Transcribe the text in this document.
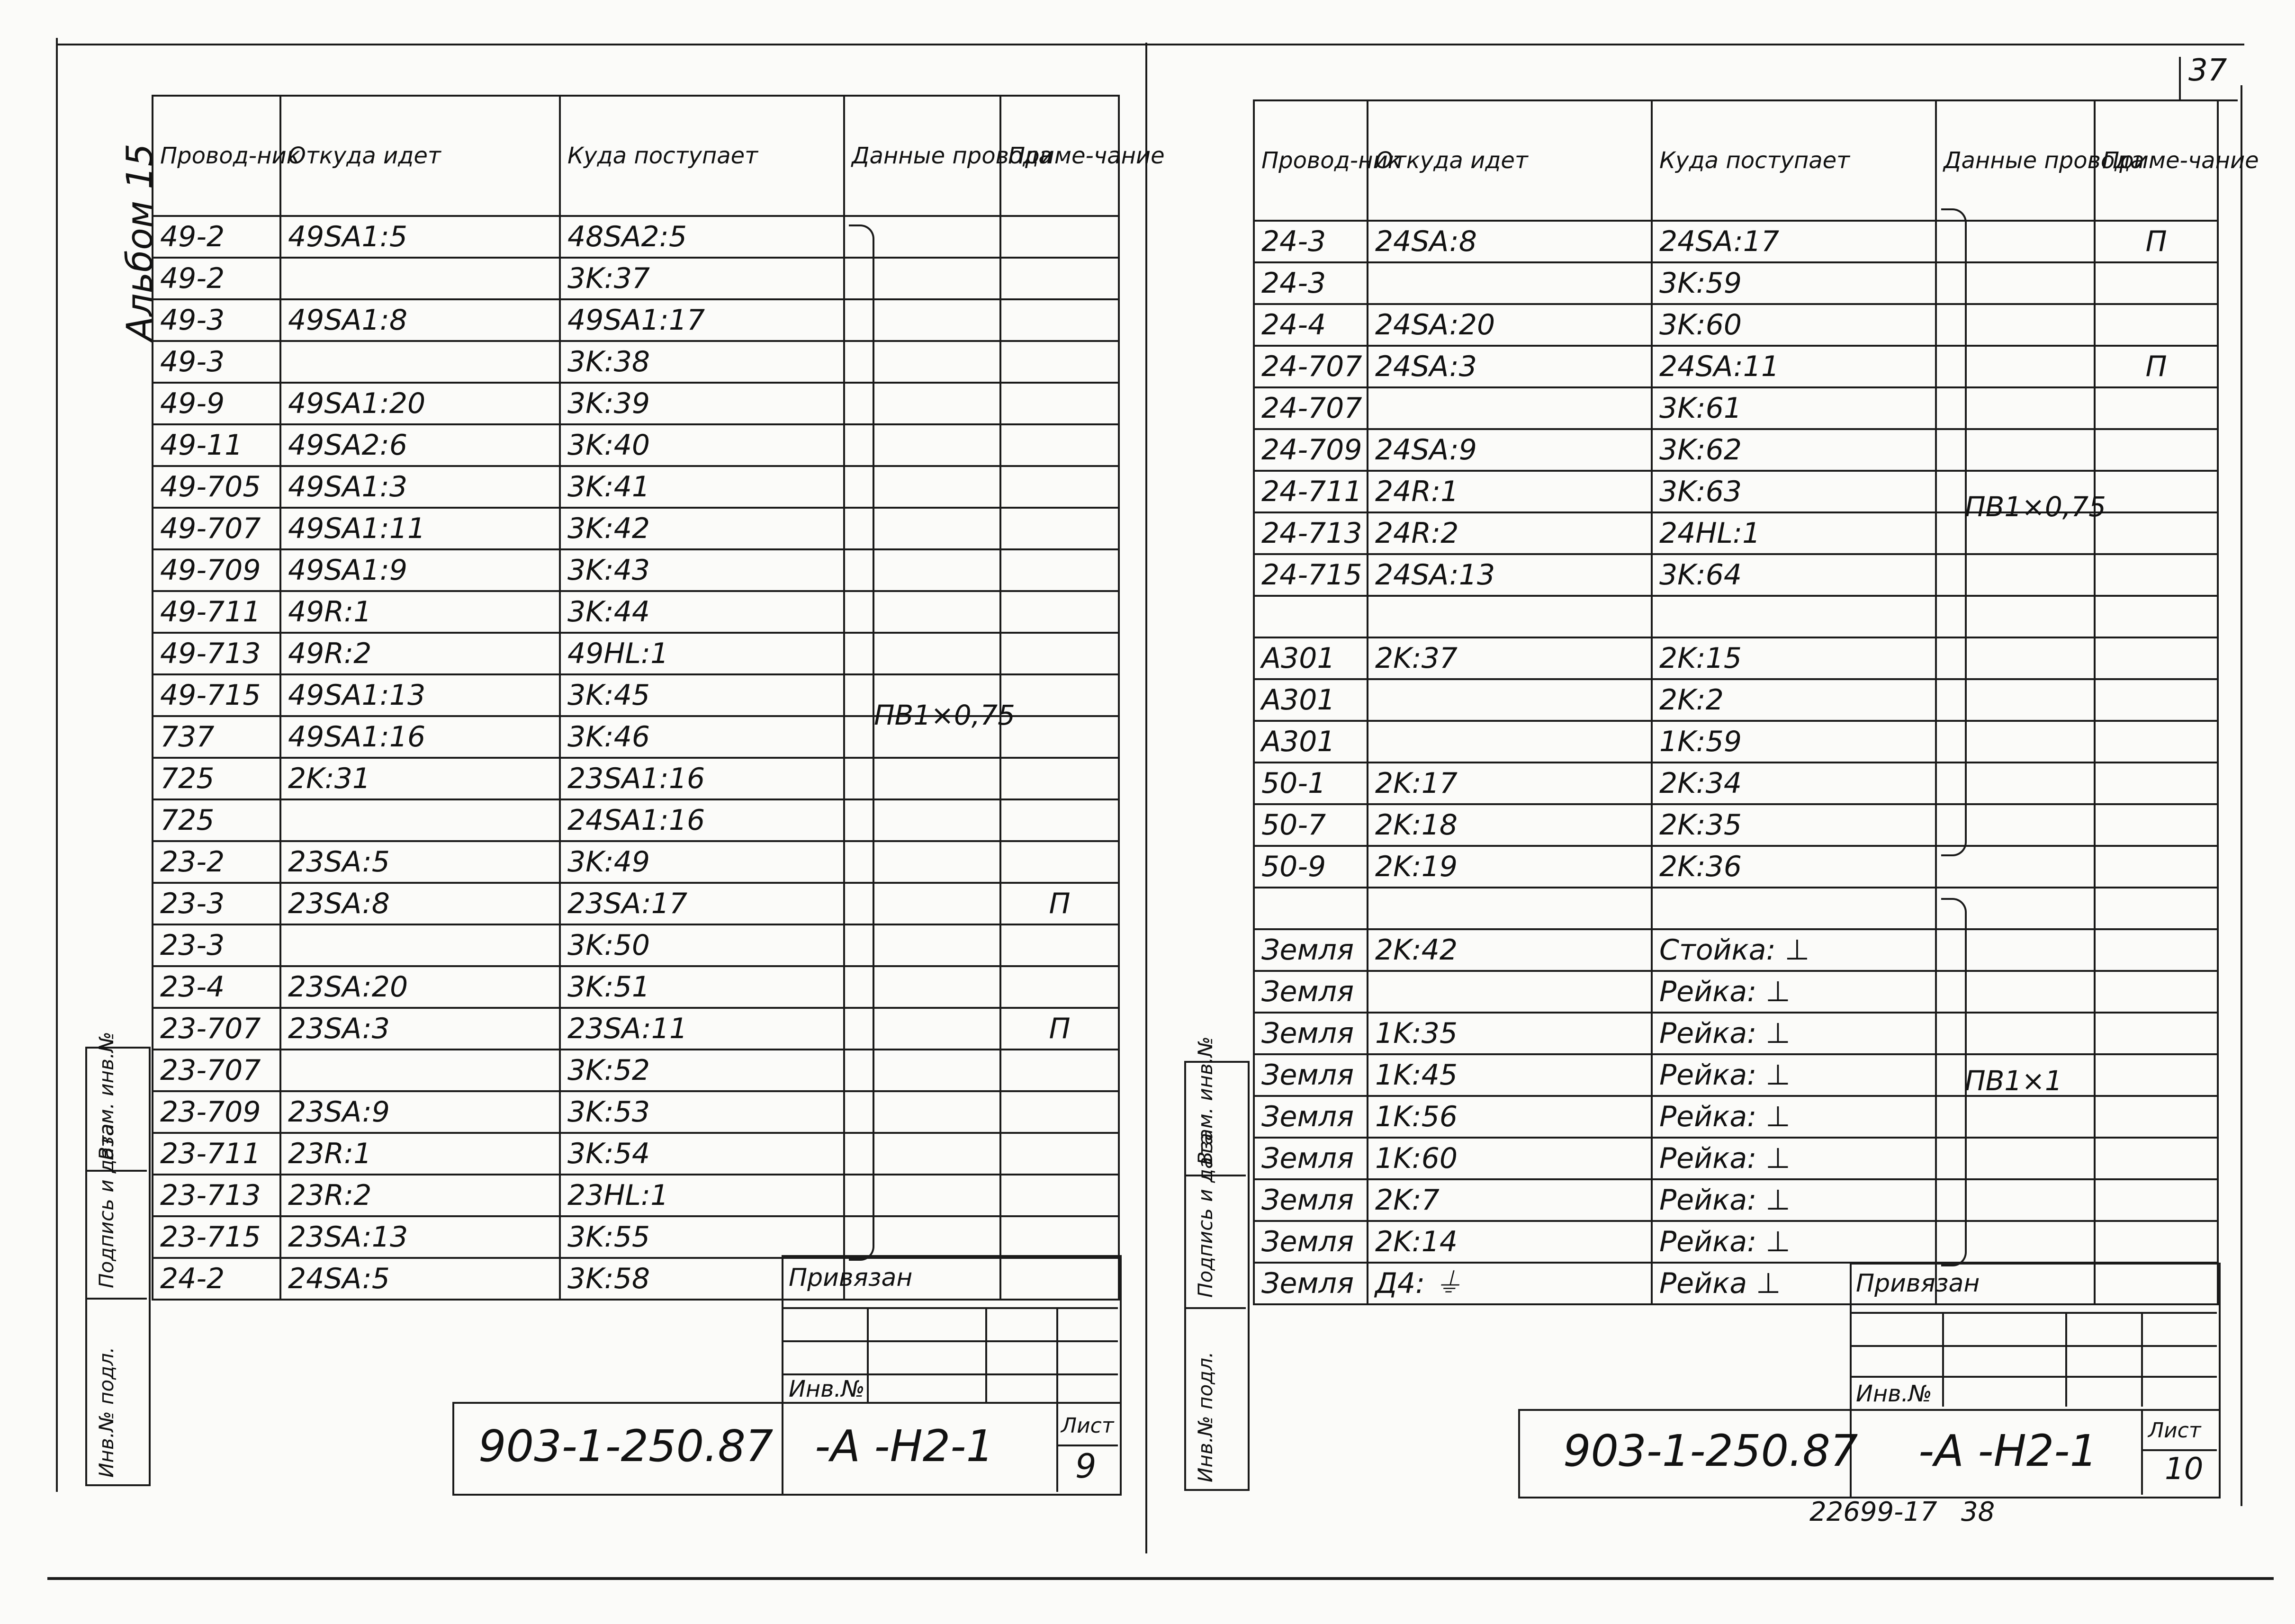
Альбом 15
37
Провод-ник	Откуда идет	Куда поступает	Данные провода	Приме-чание
49-2	49SA1:5	48SA2:5		
49-2		3K:37		
49-3	49SA1:8	49SA1:17		
49-3		3K:38		
49-9	49SA1:20	3K:39		
49-11	49SA2:6	3K:40		
49-705	49SA1:3	3K:41		
49-707	49SA1:11	3K:42		
49-709	49SA1:9	3K:43		
49-711	49R:1	3K:44		
49-713	49R:2	49HL:1		
49-715	49SA1:13	3K:45		
737	49SA1:16	3K:46		
725	2K:31	23SA1:16		
725		24SA1:16		
23-2	23SA:5	3K:49		
23-3	23SA:8	23SA:17		П
23-3		3K:50		
23-4	23SA:20	3K:51		
23-707	23SA:3	23SA:11		П
23-707		3K:52		
23-709	23SA:9	3K:53		
23-711	23R:1	3K:54		
23-713	23R:2	23HL:1		
23-715	23SA:13	3K:55		
24-2	24SA:5	3K:58		
ПВ1×0,75
Инв.№ подл.
Подпись и дата
Взам. инв.№
Привязан
Инв.№
903-1-250.87 -А -Н2-1	Лист
9
Провод-ник	Откуда идет	Куда поступает	Данные провода	Приме-чание
24-3	24SA:8	24SA:17		П
24-3		3K:59		
24-4	24SA:20	3K:60		
24-707	24SA:3	24SA:11		П
24-707		3K:61		
24-709	24SA:9	3K:62		
24-711	24R:1	3K:63		
24-713	24R:2	24HL:1		
24-715	24SA:13	3K:64		

A301	2K:37	2K:15		
A301		2K:2		
A301		1K:59		
50-1	2K:17	2K:34		
50-7	2K:18	2K:35		
50-9	2K:19	2K:36		

Земля	2K:42	Стойка: ⊥		
Земля		Рейка: ⊥		
Земля	1K:35	Рейка: ⊥		
Земля	1K:45	Рейка: ⊥		
Земля	1K:56	Рейка: ⊥		
Земля	1K:60	Рейка: ⊥		
Земля	2K:7	Рейка: ⊥		
Земля	2K:14	Рейка: ⊥		
Земля	Д4: ⏚	Рейка ⊥		
ПВ1×0,75
ПВ1×1
Инв.№ подл.
Подпись и дата
Взам. инв.№
Привязан
Инв.№
903-1-250.87 -А -Н2-1 Лист
10
22699-17 38
